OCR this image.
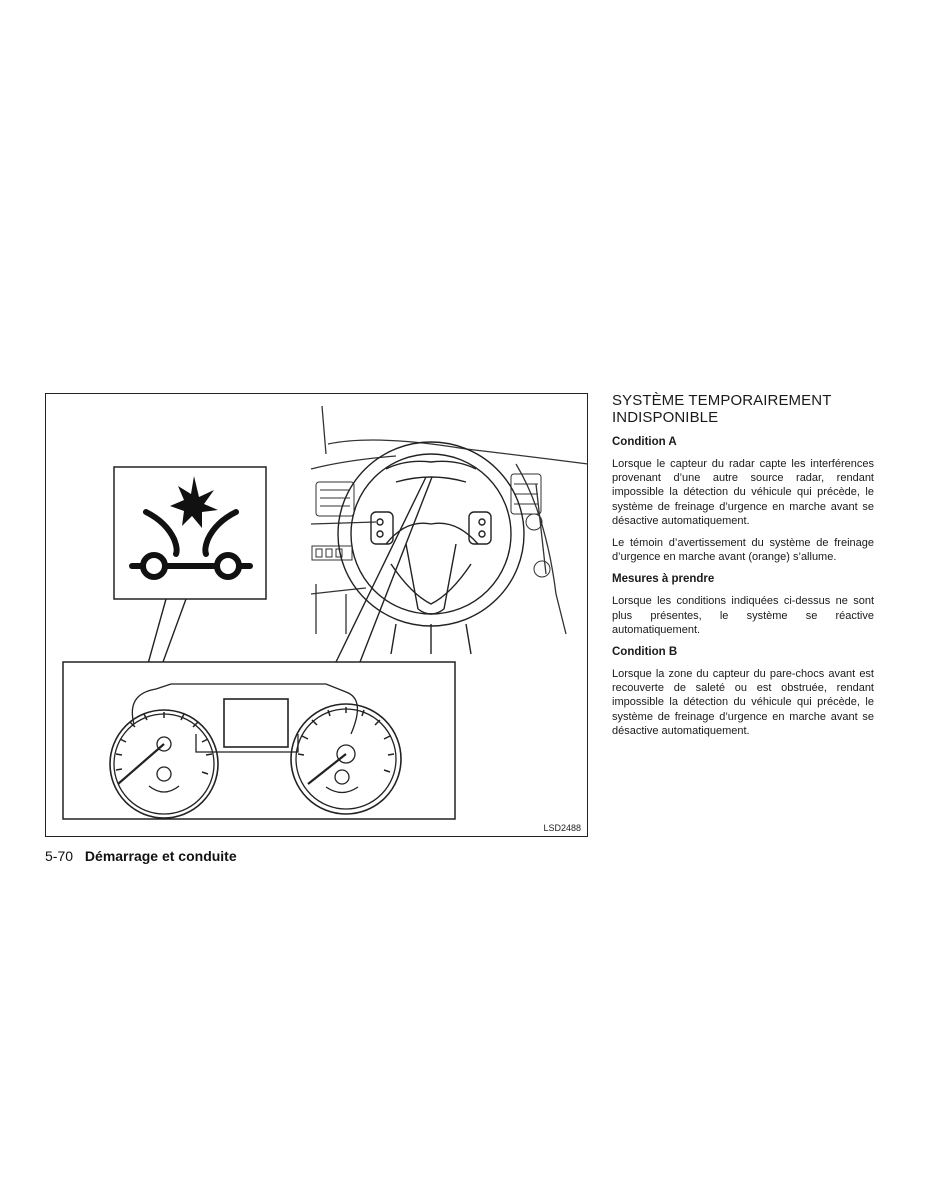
LSD2488
5-70 Démarrage et conduite
SYSTÈME TEMPORAIREMENT INDISPONIBLE
Condition A

Lorsque le capteur du radar capte les interférences provenant d’une autre source radar, rendant impossible la détection du véhicule qui précède, le système de freinage d’urgence en marche avant se désactive automatiquement.

Le témoin d’avertissement du système de freinage d’urgence en marche avant (orange) s’allume.

Mesures à prendre

Lorsque les conditions indiquées ci-dessus ne sont plus présentes, le système se réactive automatiquement.

Condition B

Lorsque la zone du capteur du pare-chocs avant est recouverte de saleté ou est obstruée, rendant impossible la détection du véhicule qui précède, le système de freinage d’urgence en marche avant se désactive automatiquement.
